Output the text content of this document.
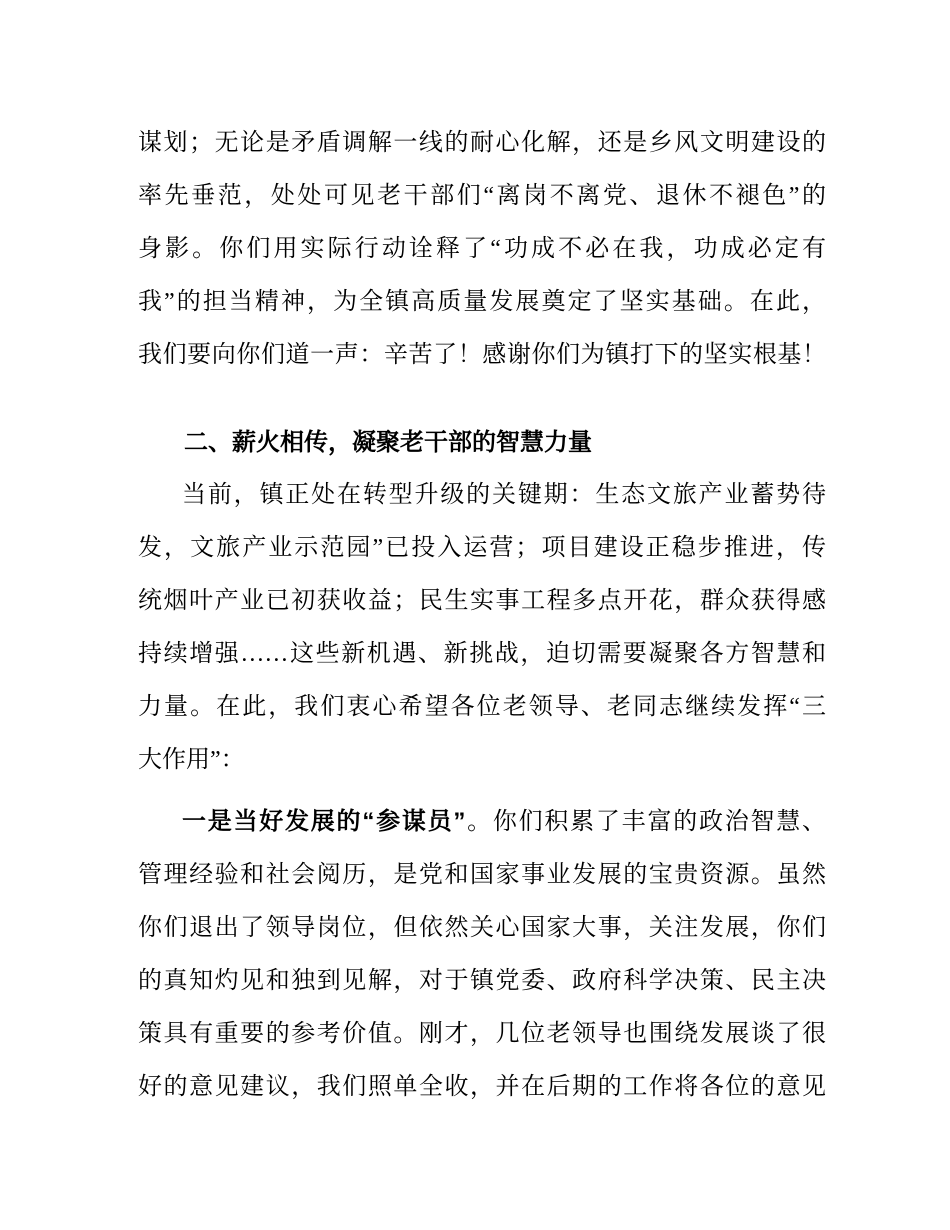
谋划；无论是矛盾调解一线的耐心化解，还是乡风文明建设的
率先垂范，处处可见老干部们“离岗不离党、退休不褪色”的
身影。你们用实际行动诠释了“功成不必在我，功成必定有
我”的担当精神，为全镇高质量发展奠定了坚实基础。在此，
我们要向你们道一声：辛苦了！感谢你们为镇打下的坚实根基！
二、薪火相传，凝聚老干部的智慧力量
当前，镇正处在转型升级的关键期：生态文旅产业蓄势待
发，文旅产业示范园”已投入运营；项目建设正稳步推进，传
统烟叶产业已初获收益；民生实事工程多点开花，群众获得感
持续增强……这些新机遇、新挑战，迫切需要凝聚各方智慧和
力量。在此，我们衷心希望各位老领导、老同志继续发挥“三
大作用”：
一是当好发展的“参谋员”。你们积累了丰富的政治智慧、
管理经验和社会阅历，是党和国家事业发展的宝贵资源。虽然
你们退出了领导岗位，但依然关心国家大事，关注发展，你们
的真知灼见和独到见解，对于镇党委、政府科学决策、民主决
策具有重要的参考价值。刚才，几位老领导也围绕发展谈了很
好的意见建议，我们照单全收，并在后期的工作将各位的意见
